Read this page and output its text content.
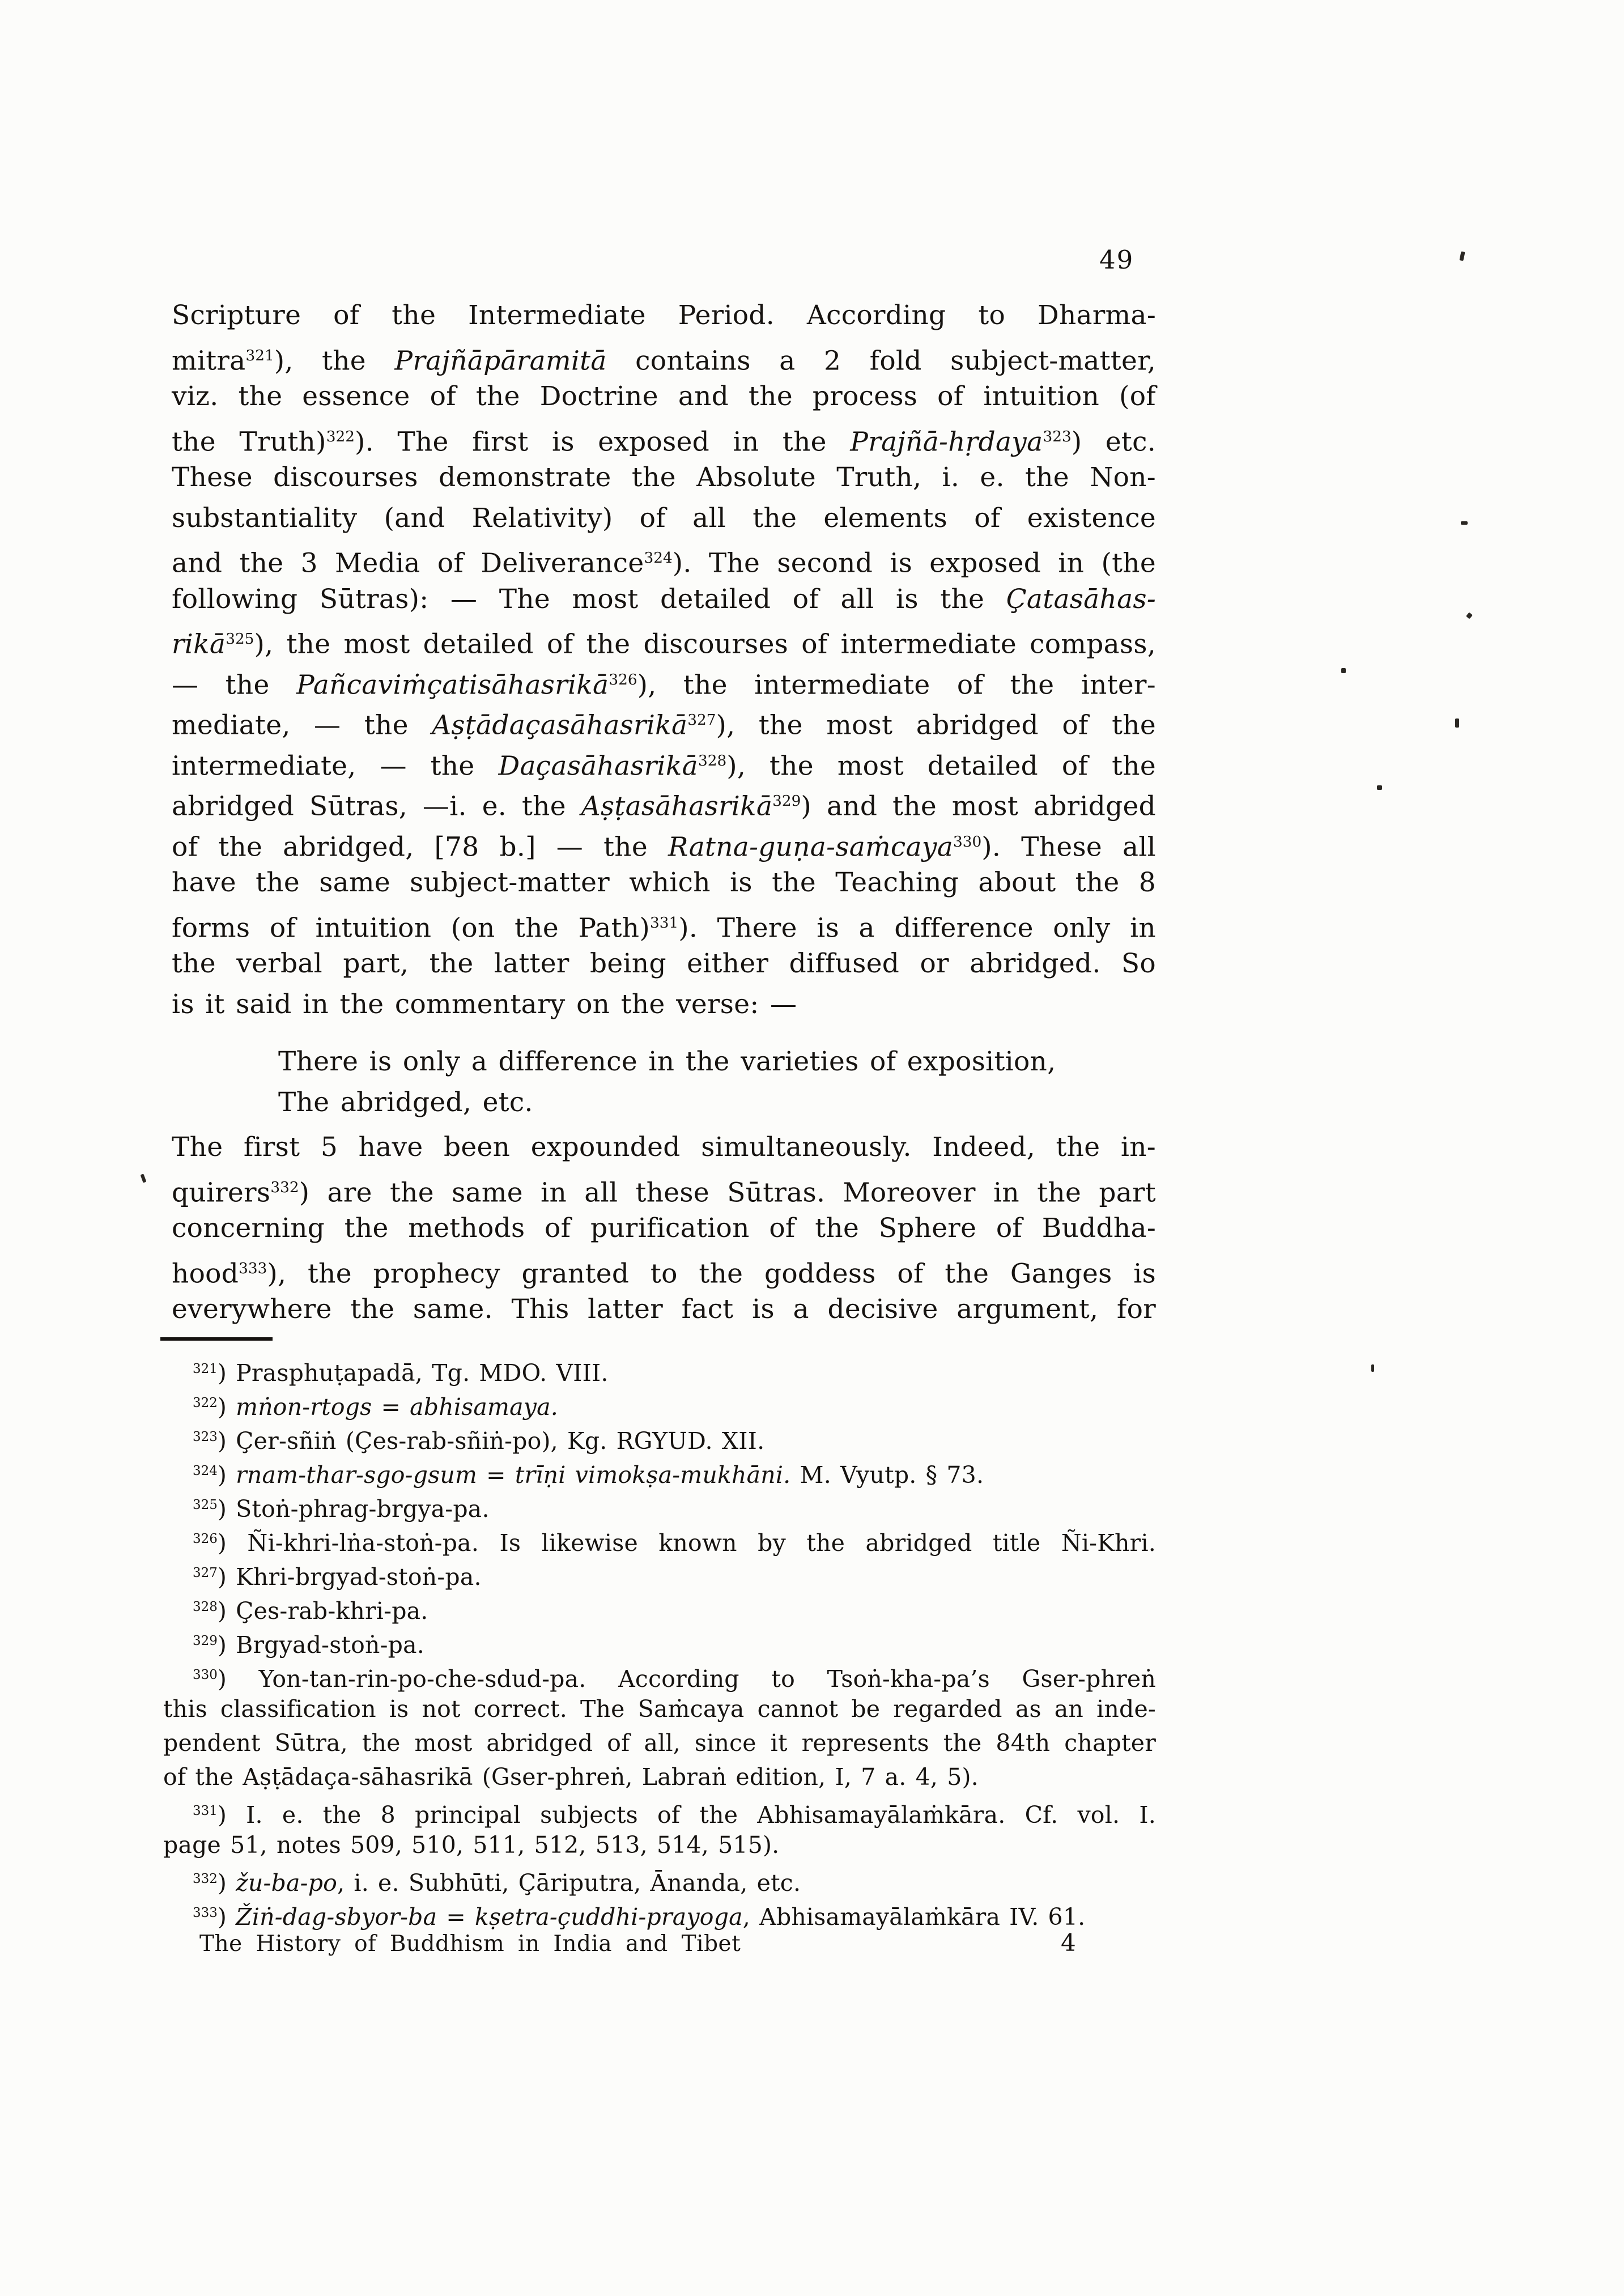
49
Scripture of the Intermediate Period. According to Dharma-
mitra$^{321}$), the Prajñāpāramitā contains a 2 fold subject-matter,
viz. the essence of the Doctrine and the process of intuition (of
the Truth)$^{322}$). The first is exposed in the Prajñā-hṛdaya$^{323}$) etc.
These discourses demonstrate the Absolute Truth, i. e. the Non-
substantiality (and Relativity) of all the elements of existence
and the 3 Media of Deliverance$^{324}$). The second is exposed in (the
following Sūtras): — The most detailed of all is the Çatasāhas-
rikā$^{325}$), the most detailed of the discourses of intermediate compass,
— the Pañcaviṁçatisāhasrikā$^{326}$), the intermediate of the inter-
mediate, — the Aṣṭādaçasāhasrikā$^{327}$), the most abridged of the
intermediate, — the Daçasāhasrikā$^{328}$), the most detailed of the
abridged Sūtras, —i. e. the Aṣṭasāhasrikā$^{329}$) and the most abridged
of the abridged, [78 b.] — the Ratna-guṇa-saṁcaya$^{330}$). These all
have the same subject-matter which is the Teaching about the 8
forms of intuition (on the Path)$^{331}$). There is a difference only in
the verbal part, the latter being either diffused or abridged. So
is it said in the commentary on the verse: —
There is only a difference in the varieties of exposition,
The abridged, etc.
The first 5 have been expounded simultaneously. Indeed, the in-
quirers$^{332}$) are the same in all these Sūtras. Moreover in the part
concerning the methods of purification of the Sphere of Buddha-
hood$^{333}$), the prophecy granted to the goddess of the Ganges is
everywhere the same. This latter fact is a decisive argument, for
$^{321}$) Prasphuṭapadā, Tg. MDO. VIII.
$^{322}$) mṅon-rtogs = abhisamaya.
$^{323}$) Çer-sñiṅ (Çes-rab-sñiṅ-po), Kg. RGYUD. XII.
$^{324}$) rnam-thar-sgo-gsum = trīṇi vimokṣa-mukhāni. M. Vyutp. § 73.
$^{325}$) Stoṅ-phrag-brgya-pa.
$^{326}$) Ñi-khri-lṅa-stoṅ-pa. Is likewise known by the abridged title Ñi-Khri.
$^{327}$) Khri-brgyad-stoṅ-pa.
$^{328}$) Çes-rab-khri-pa.
$^{329}$) Brgyad-stoṅ-pa.
$^{330}$) Yon-tan-rin-po-che-sdud-pa. According to Tsoṅ-kha-pa’s Gser-phreṅ
this classification is not correct. The Saṁcaya cannot be regarded as an inde-
pendent Sūtra, the most abridged of all, since it represents the 84th chapter
of the Aṣṭādaça-sāhasrikā (Gser-phreṅ, Labraṅ edition, I, 7 a. 4, 5).
$^{331}$) I. e. the 8 principal subjects of the Abhisamayālaṁkāra. Cf. vol. I.
page 51, notes 509, 510, 511, 512, 513, 514, 515).
$^{332}$) žu-ba-po, i. e. Subhūti, Çāriputra, Ānanda, etc.
$^{333}$) Žiṅ-dag-sbyor-ba = kṣetra-çuddhi-prayoga, Abhisamayālaṁkāra IV. 61.
The History of Buddhism in India and Tibet	4
